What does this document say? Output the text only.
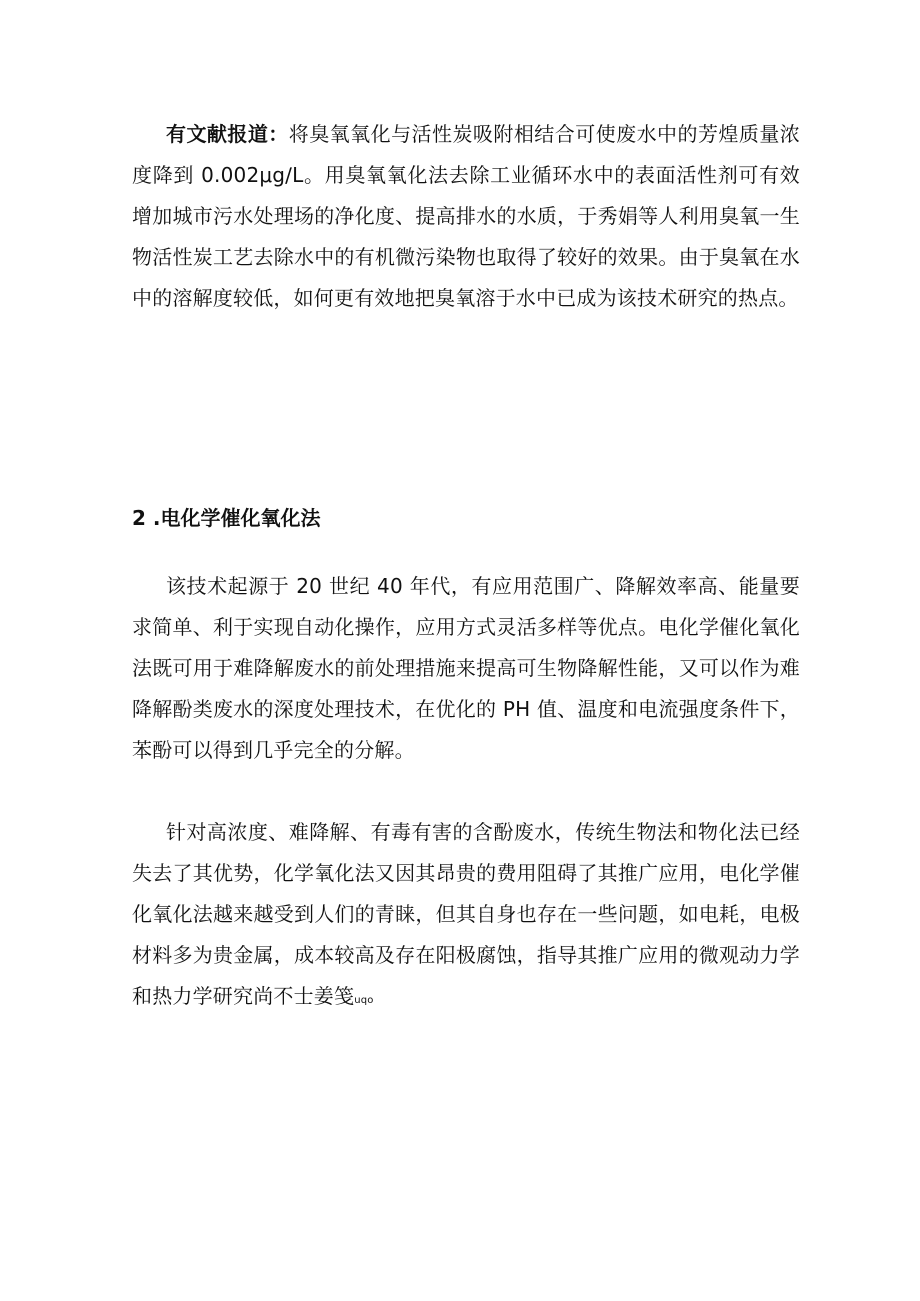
有文献报道：将臭氧氧化与活性炭吸附相结合可使废水中的芳煌质量浓度降到 0.002μg∕L。用臭氧氧化法去除工业循环水中的表面活性剂可有效增加城市污水处理场的净化度、提高排水的水质，于秀娟等人利用臭氧一生物活性炭工艺去除水中的有机微污染物也取得了较好的效果。由于臭氧在水中的溶解度较低，如何更有效地把臭氧溶于水中已成为该技术研究的热点。

2 .电化学催化氧化法

该技术起源于 20 世纪 40 年代，有应用范围广、降解效率高、能量要求简单、利于实现自动化操作，应用方式灵活多样等优点。电化学催化氧化法既可用于难降解废水的前处理措施来提高可生物降解性能，又可以作为难降解酚类废水的深度处理技术，在优化的 PH 值、温度和电流强度条件下，苯酚可以得到几乎完全的分解。

针对高浓度、难降解、有毒有害的含酚废水，传统生物法和物化法已经失去了其优势，化学氧化法又因其昂贵的费用阻碍了其推广应用，电化学催化氧化法越来越受到人们的青睐，但其自身也存在一些问题，如电耗，电极材料多为贵金属，成本较高及存在阳极腐蚀，指导其推广应用的微观动力学和热力学研究尚不士姜笺uqo
